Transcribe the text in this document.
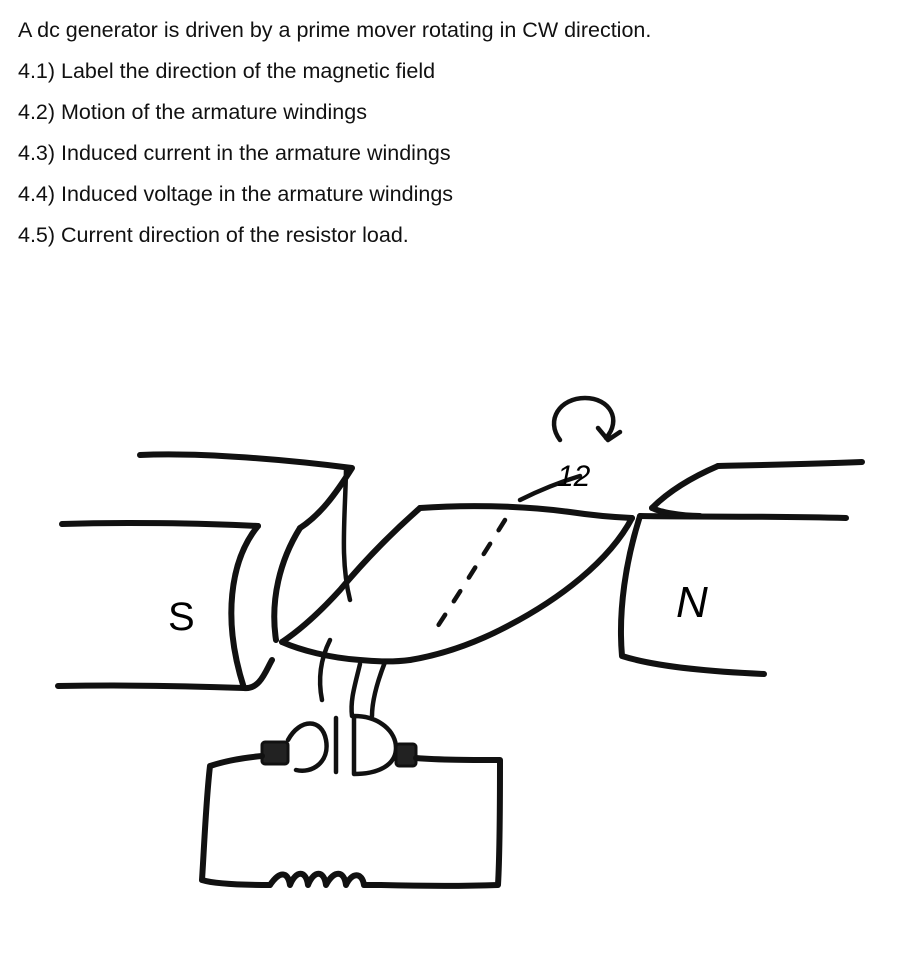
A dc generator is driven by a prime mover rotating in CW direction.
4.1) Label the direction of the magnetic field
4.2) Motion of the armature windings
4.3) Induced current in the armature windings
4.4) Induced voltage in the armature windings
4.5) Current direction of the resistor load.
S	N
12
